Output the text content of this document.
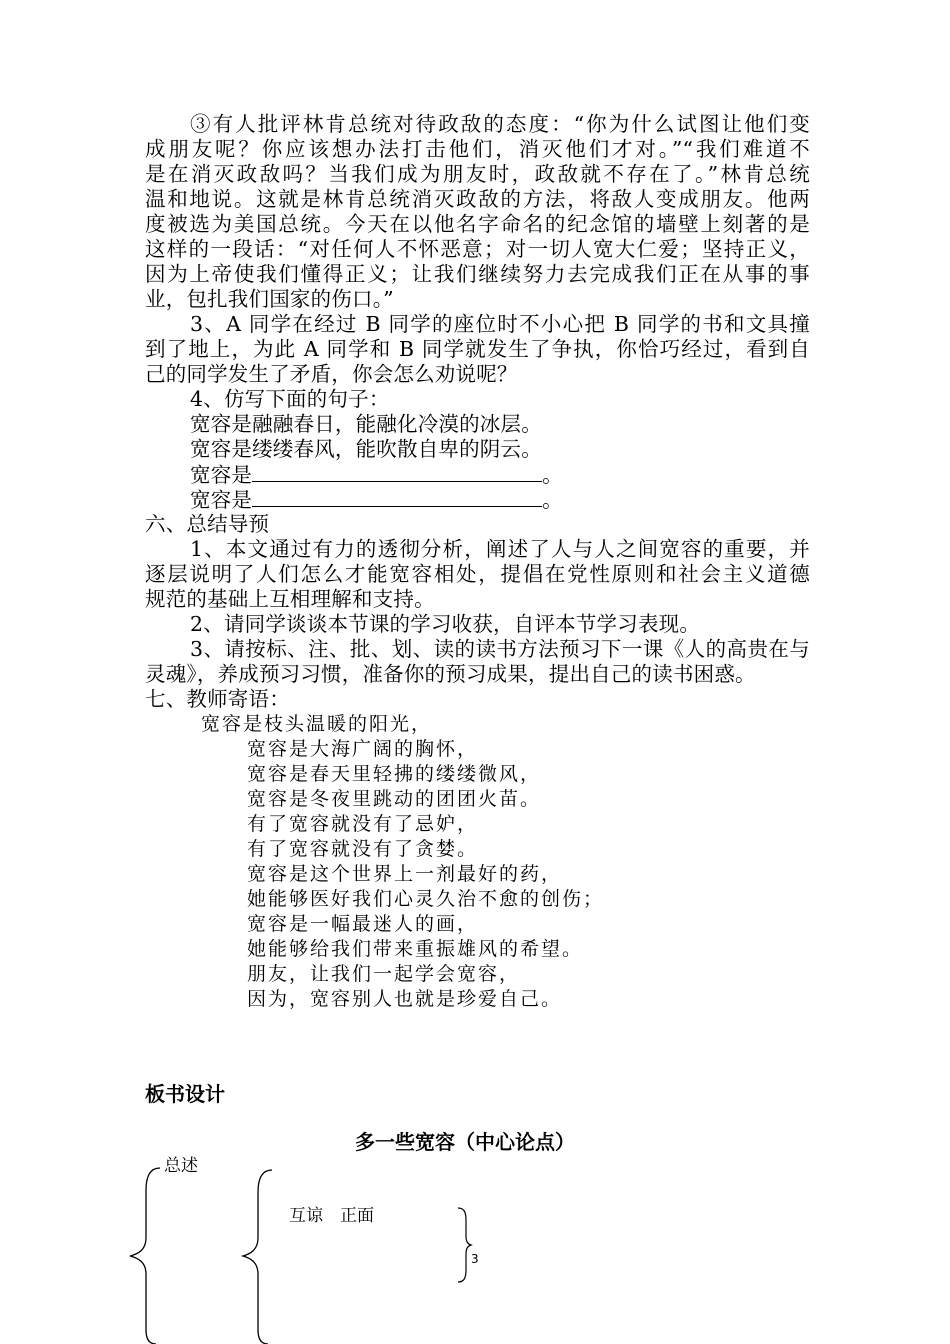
③有人批评林肯总统对待政敌的态度：“你为什么试图让他们变
成朋友呢？你应该想办法打击他们，消灭他们才对。”“我们难道不
是在消灭政敌吗？当我们成为朋友时，政敌就不存在了。”林肯总统
温和地说。这就是林肯总统消灭政敌的方法，将敌人变成朋友。他两
度被选为美国总统。今天在以他名字命名的纪念馆的墙壁上刻著的是
这样的一段话：“对任何人不怀恶意；对一切人宽大仁爱；坚持正义，
因为上帝使我们懂得正义；让我们继续努力去完成我们正在从事的事
业，包扎我们国家的伤口。”
3、A 同学在经过 B 同学的座位时不小心把 B 同学的书和文具撞
到了地上，为此 A 同学和 B 同学就发生了争执，你恰巧经过，看到自
己的同学发生了矛盾，你会怎么劝说呢？
4、仿写下面的句子：
宽容是融融春日，能融化冷漠的冰层。
宽容是缕缕春风，能吹散自卑的阴云。
宽容是	。
宽容是	。
六、总结导预
1、本文通过有力的透彻分析，阐述了人与人之间宽容的重要，并
逐层说明了人们怎么才能宽容相处，提倡在党性原则和社会主义道德
规范的基础上互相理解和支持。
2、请同学谈谈本节课的学习收获，自评本节学习表现。
3、请按标、注、批、划、读的读书方法预习下一课《人的高贵在与
灵魂》，养成预习习惯，准备你的预习成果，提出自己的读书困惑。
七、教师寄语：
宽容是枝头温暖的阳光，
宽容是大海广阔的胸怀，
宽容是春天里轻拂的缕缕微风，
宽容是冬夜里跳动的团团火苗。
有了宽容就没有了忌妒，
有了宽容就没有了贪婪。
宽容是这个世界上一剂最好的药，
她能够医好我们心灵久治不愈的创伤；
宽容是一幅最迷人的画，
她能够给我们带来重振雄风的希望。
朋友，让我们一起学会宽容，
因为，宽容别人也就是珍爱自己。
板书设计
多一些宽容（中心论点）
总述
互谅　正面
3
